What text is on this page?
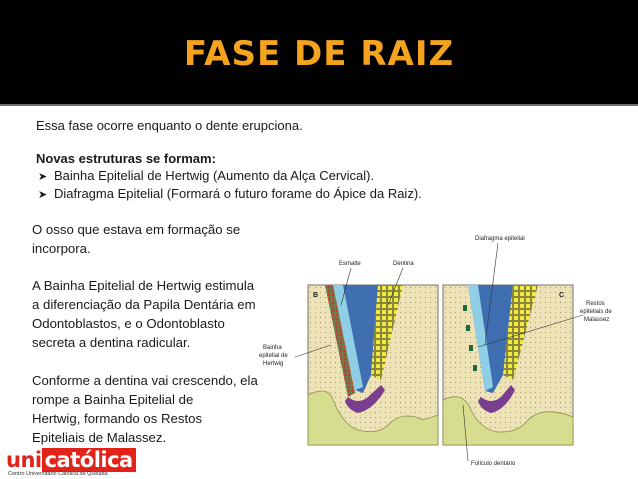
FASE DE RAIZ
Essa fase ocorre enquanto o dente erupciona.
Novas estruturas se formam:
➤ Bainha Epitelial de Hertwig (Aumento da Alça Cervical).
➤ Diafragma Epitelial (Formará o futuro forame do Ápice da Raiz).
O osso que estava em formação se
incorpora.
A Bainha Epitelial de Hertwig estimula
a diferenciação da Papila Dentária em
Odontoblastos, e o Odontoblasto
secreta a dentina radicular.
Conforme a dentina vai crescendo, ela
rompe a Bainha Epitelial de
Hertwig, formando os Restos
Epiteliais de Malassez.
B	C
Diafragma epitelial
Esmalte	Dentina
Restos
epiteliais de
Malassez
Bainha
epitelial de
Hertwig
Folículo dentário
uni católica
Centro Universitário Católica de Quixadá
